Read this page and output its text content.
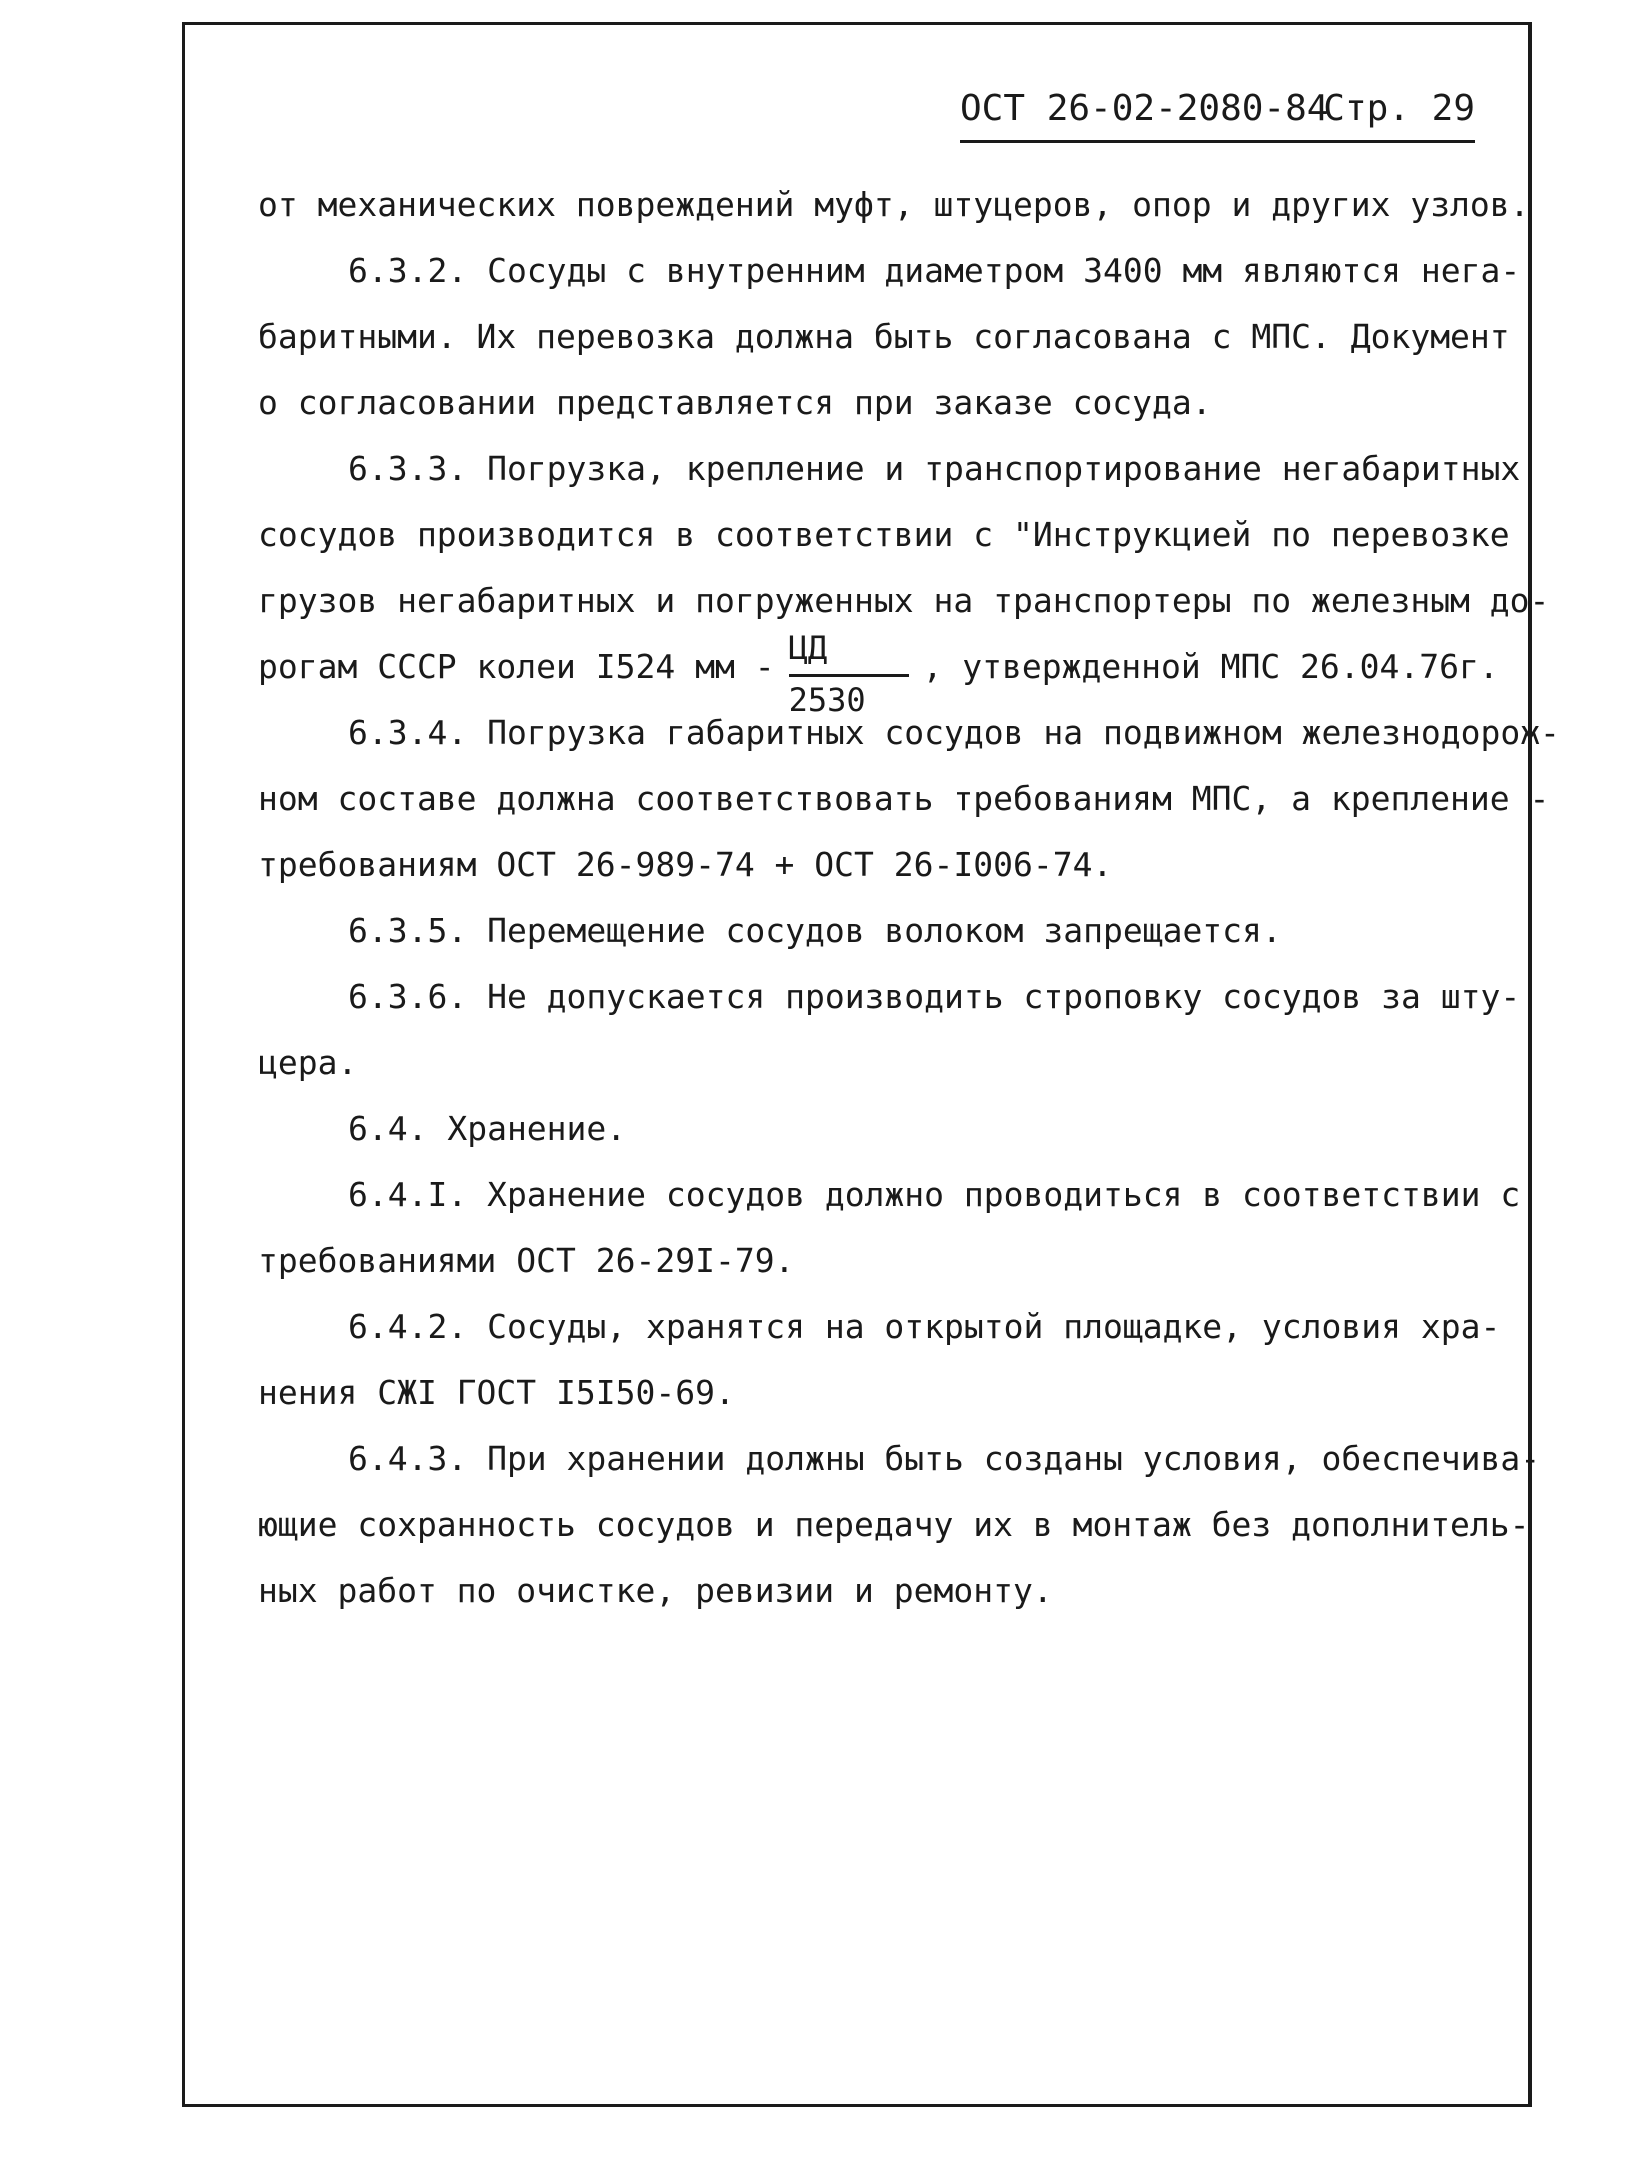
ОСТ 26-02-2080-84
Стр. 29
от механических повреждений муфт, штуцеров, опор и других узлов.
6.3.2. Сосуды с внутренним диаметром 3400 мм являются нега-
баритными. Их перевозка должна быть согласована с МПС. Документ
о согласовании представляется при заказе сосуда.
6.3.3. Погрузка, крепление и транспортирование негабаритных
сосудов производится в соответствии с "Инструкцией по перевозке
грузов негабаритных и погруженных на транспортеры по железным до-
рогам СССР колеи I524 мм - $\frac{ЦД}{2530}$ , утвержденной МПС 26.04.76г.
6.3.4. Погрузка габаритных сосудов на подвижном железнодорож-
ном составе должна соответствовать требованиям МПС, а крепление -
требованиям ОСТ 26-989-74 + ОСТ 26-I006-74.
6.3.5. Перемещение сосудов волоком запрещается.
6.3.6. Не допускается производить строповку сосудов за шту-
цера.
6.4. Хранение.
6.4.I. Хранение сосудов должно проводиться в соответствии с
требованиями ОСТ 26-29I-79.
6.4.2. Сосуды, хранятся на открытой площадке, условия хра-
нения СЖI ГОСТ I5I50-69.
6.4.3. При хранении должны быть созданы условия, обеспечива-
ющие сохранность сосудов и передачу их в монтаж без дополнитель-
ных работ по очистке, ревизии и ремонту.
